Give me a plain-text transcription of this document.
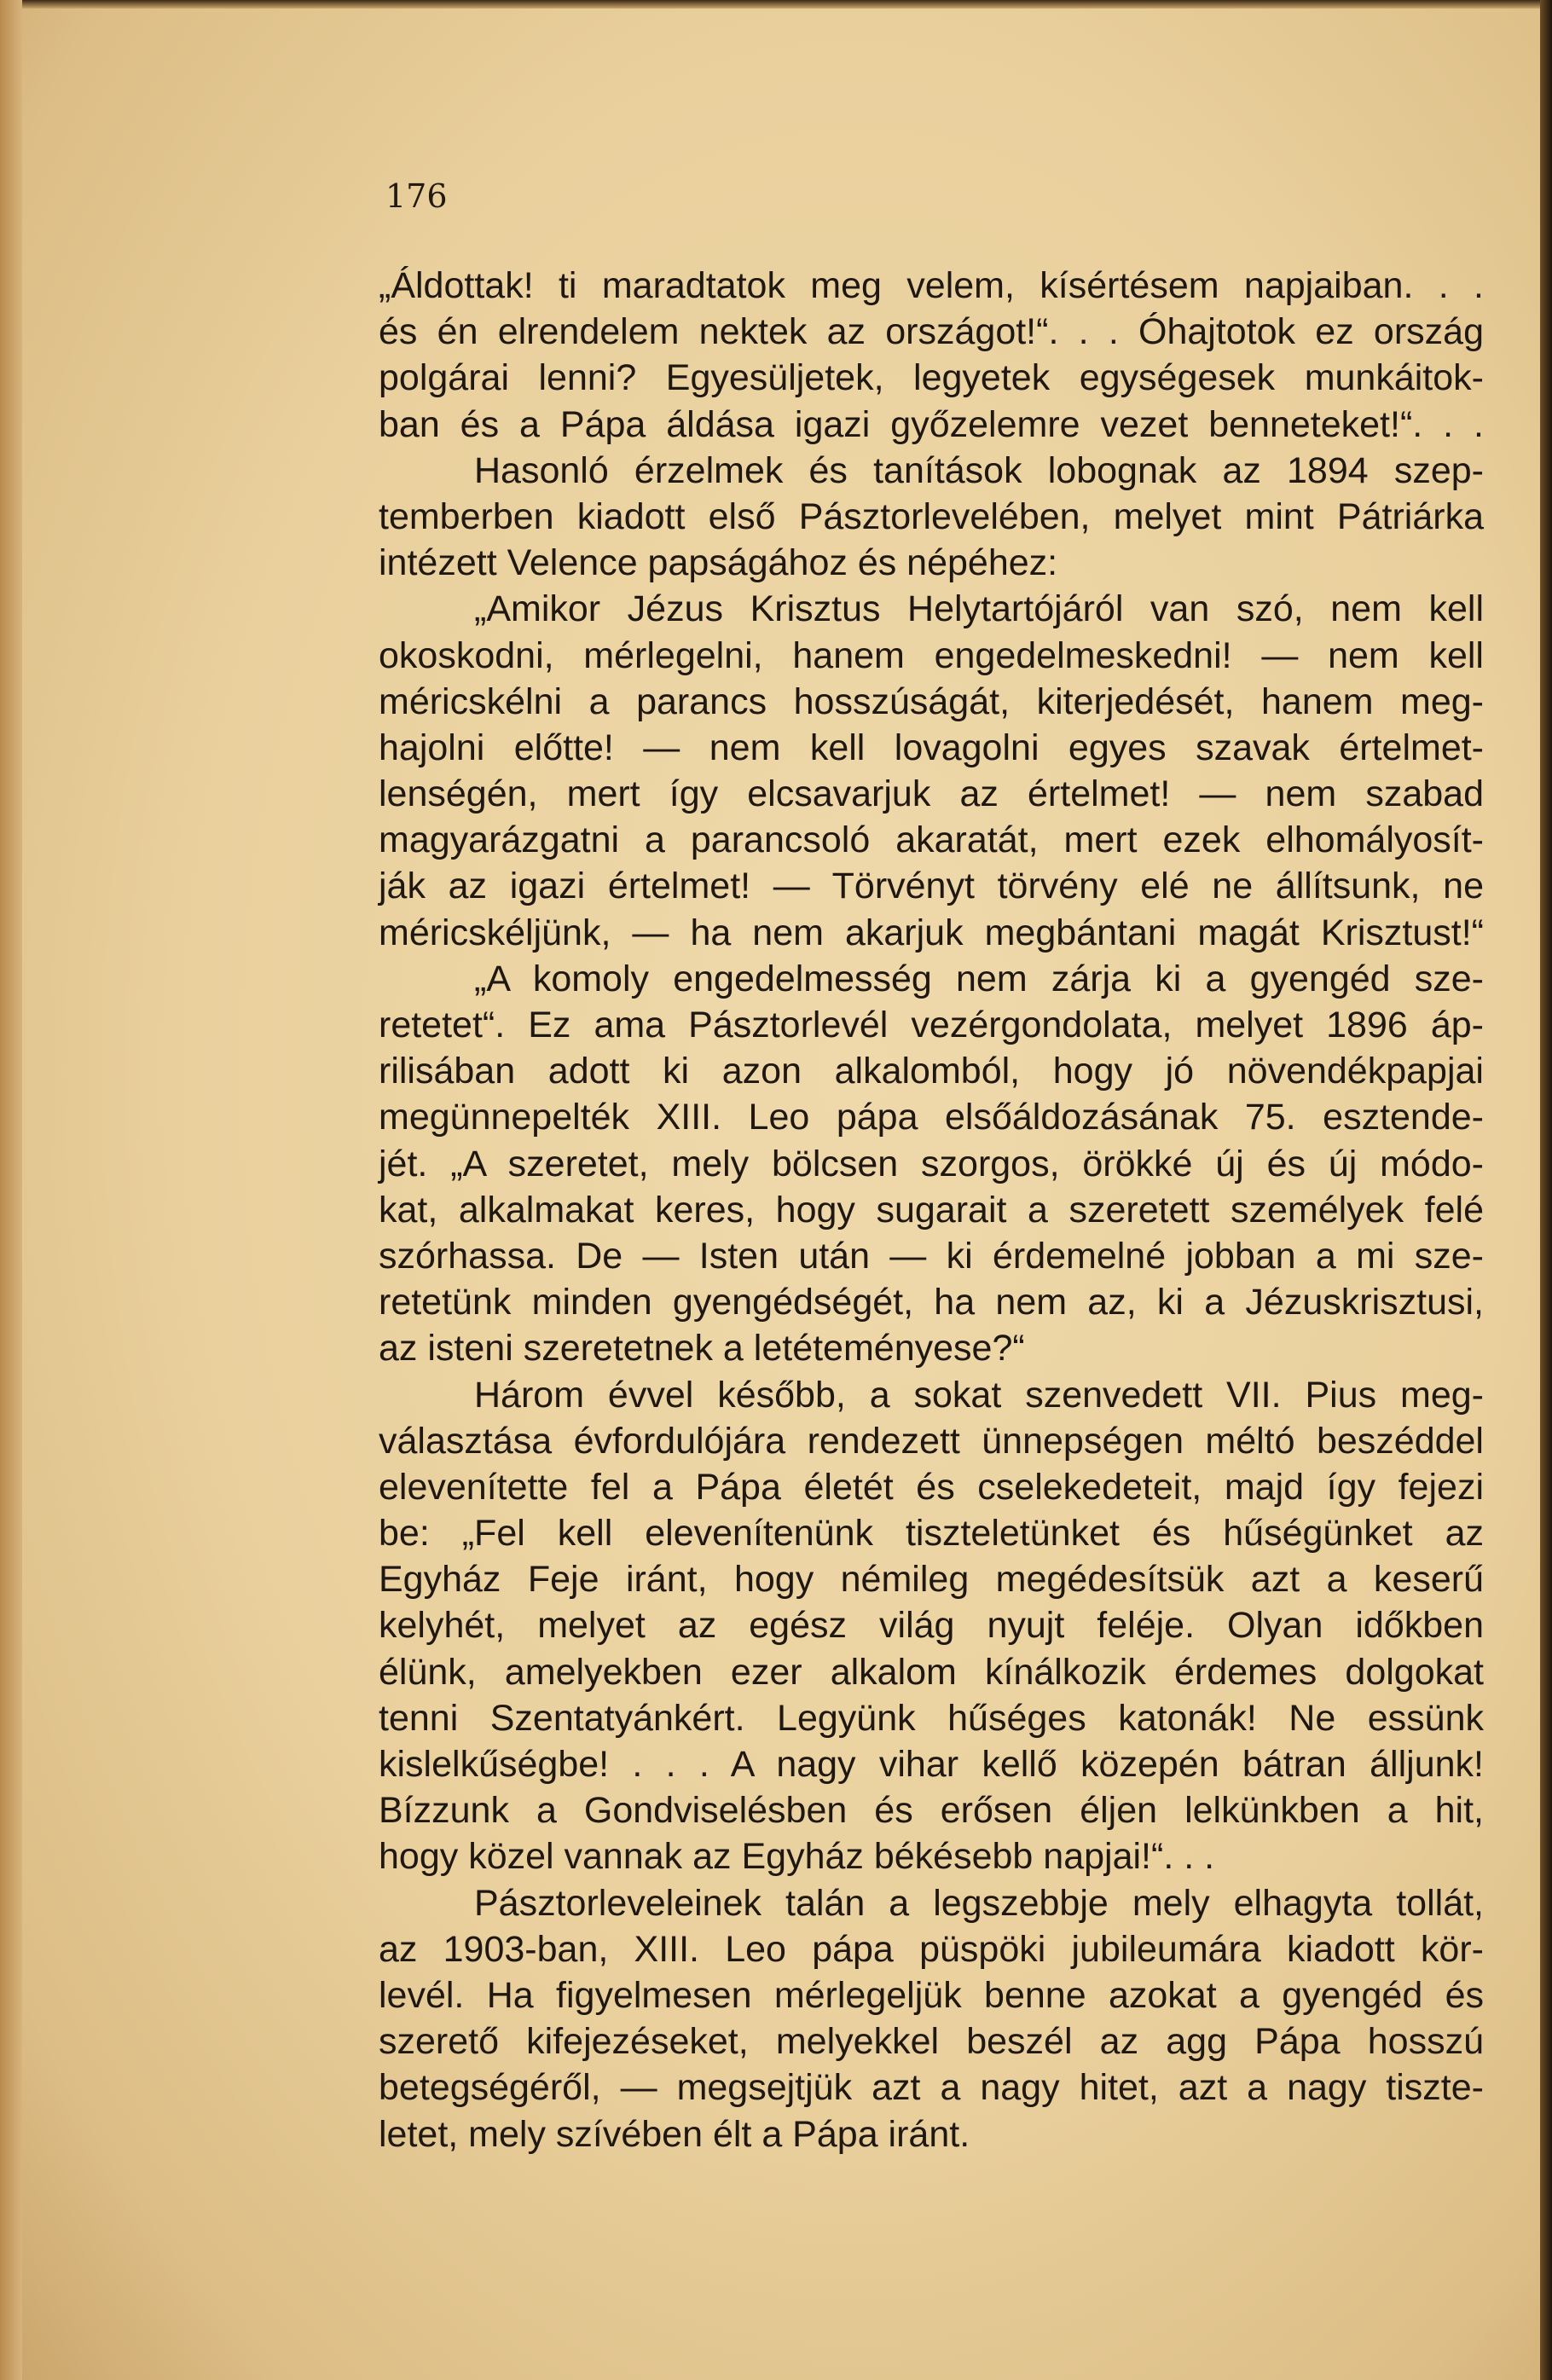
176
„Áldottak! ti maradtatok meg velem, kísértésem napjaiban. . .
és én elrendelem nektek az országot!“. . . Óhajtotok ez ország
polgárai lenni? Egyesüljetek, legyetek egységesek munkáitok-
ban és a Pápa áldása igazi győzelemre vezet benneteket!“. . .
Hasonló érzelmek és tanítások lobognak az 1894 szep-
temberben kiadott első Pásztorlevelében, melyet mint Pátriárka
intézett Velence papságához és népéhez:
„Amikor Jézus Krisztus Helytartójáról van szó, nem kell
okoskodni, mérlegelni, hanem engedelmeskedni! — nem kell
méricskélni a parancs hosszúságát, kiterjedését, hanem meg-
hajolni előtte! — nem kell lovagolni egyes szavak értelmet-
lenségén, mert így elcsavarjuk az értelmet! — nem szabad
magyarázgatni a parancsoló akaratát, mert ezek elhomályosít-
ják az igazi értelmet! — Törvényt törvény elé ne állítsunk, ne
méricskéljünk, — ha nem akarjuk megbántani magát Krisztust!“
„A komoly engedelmesség nem zárja ki a gyengéd sze-
retetet“. Ez ama Pásztorlevél vezérgondolata, melyet 1896 áp-
rilisában adott ki azon alkalomból, hogy jó növendékpapjai
megünnepelték XIII. Leo pápa elsőáldozásának 75. esztende-
jét. „A szeretet, mely bölcsen szorgos, örökké új és új módo-
kat, alkalmakat keres, hogy sugarait a szeretett személyek felé
szórhassa. De — Isten után — ki érdemelné jobban a mi sze-
retetünk minden gyengédségét, ha nem az, ki a Jézuskrisztusi,
az isteni szeretetnek a letéteményese?“
Három évvel később, a sokat szenvedett VII. Pius meg-
választása évfordulójára rendezett ünnepségen méltó beszéddel
elevenítette fel a Pápa életét és cselekedeteit, majd így fejezi
be: „Fel kell elevenítenünk tiszteletünket és hűségünket az
Egyház Feje iránt, hogy némileg megédesítsük azt a keserű
kelyhét, melyet az egész világ nyujt feléje. Olyan időkben
élünk, amelyekben ezer alkalom kínálkozik érdemes dolgokat
tenni Szentatyánkért. Legyünk hűséges katonák! Ne essünk
kislelkűségbe! . . . A nagy vihar kellő közepén bátran álljunk!
Bízzunk a Gondviselésben és erősen éljen lelkünkben a hit,
hogy közel vannak az Egyház békésebb napjai!“. . .
Pásztorleveleinek talán a legszebbje mely elhagyta tollát,
az 1903-ban, XIII. Leo pápa püspöki jubileumára kiadott kör-
levél. Ha figyelmesen mérlegeljük benne azokat a gyengéd és
szerető kifejezéseket, melyekkel beszél az agg Pápa hosszú
betegségéről, — megsejtjük azt a nagy hitet, azt a nagy tiszte-
letet, mely szívében élt a Pápa iránt.
